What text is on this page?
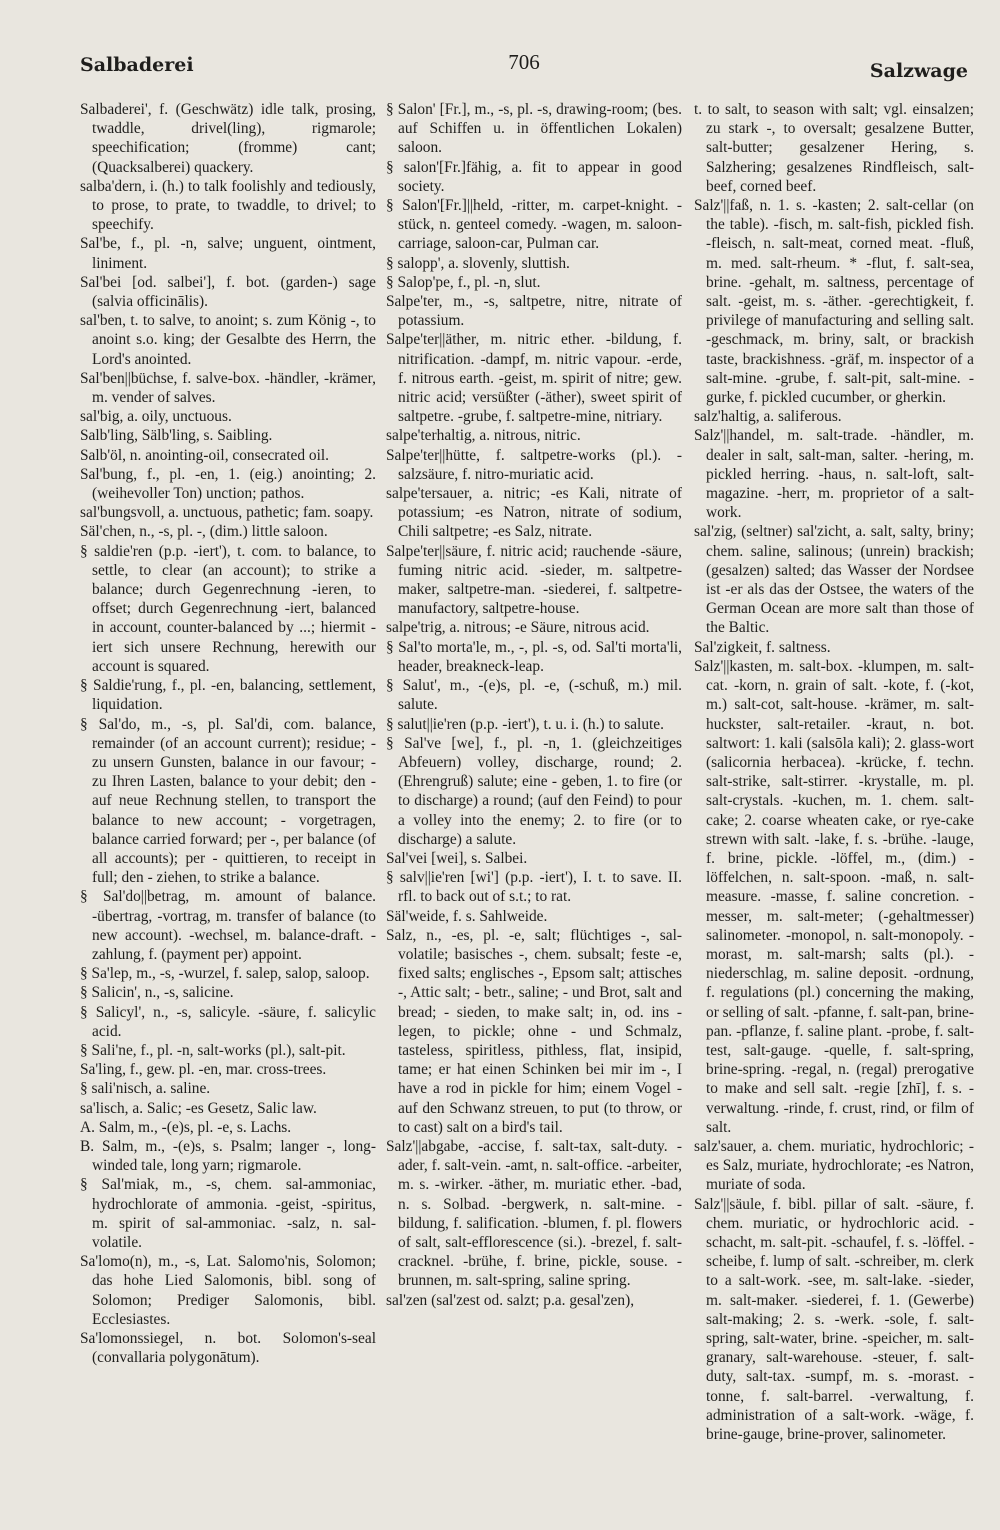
Salbaderei	706	Salzwage

Salbaderei', f. (Geschwätz) idle talk, prosing, twaddle, drivel(ling), rigmarole; speechification; (fromme) cant; (Quacksalberei) quackery.

salba'dern, i. (h.) to talk foolishly and tediously, to prose, to prate, to twaddle, to drivel; to speechify.

Sal'be, f., pl. -n, salve; unguent, ointment, liniment.

Sal'bei [od. salbei'], f. bot. (garden-) sage (salvia officinālis).

sal'ben, t. to salve, to anoint; s. zum König -, to anoint s.o. king; der Gesalbte des Herrn, the Lord's anointed.

Sal'ben||büchse, f. salve-box. -händler, -krämer, m. vender of salves.

sal'big, a. oily, unctuous.

Salb'ling, Sälb'ling, s. Saibling.

Salb'öl, n. anointing-oil, consecrated oil.

Sal'bung, f., pl. -en, 1. (eig.) anointing; 2. (weihevoller Ton) unction; pathos.

sal'bungsvoll, a. unctuous, pathetic; fam. soapy.

Säl'chen, n., -s, pl. -, (dim.) little saloon.

§ saldie'ren (p.p. -iert'), t. com. to balance, to settle, to clear (an account); to strike a balance; durch Gegenrechnung -ieren, to offset; durch Gegenrechnung -iert, balanced in account, counter-balanced by ...; hiermit -iert sich unsere Rechnung, herewith our account is squared.

§ Saldie'rung, f., pl. -en, balancing, settlement, liquidation.

§ Sal'do, m., -s, pl. Sal'di, com. balance, remainder (of an account current); residue; - zu unsern Gunsten, balance in our favour; - zu Ihren Lasten, balance to your debit; den - auf neue Rechnung stellen, to transport the balance to new account; - vorgetragen, balance carried forward; per -, per balance (of all accounts); per - quittieren, to receipt in full; den - ziehen, to strike a balance.

§ Sal'do||betrag, m. amount of balance. -übertrag, -vortrag, m. transfer of balance (to new account). -wechsel, m. balance-draft. -zahlung, f. (payment per) appoint.

§ Sa'lep, m., -s, -wurzel, f. salep, salop, saloop.

§ Salicin', n., -s, salicine.

§ Salicyl', n., -s, salicyle. -säure, f. salicylic acid.

§ Sali'ne, f., pl. -n, salt-works (pl.), salt-pit.

Sa'ling, f., gew. pl. -en, mar. cross-trees.

§ sali'nisch, a. saline.

sa'lisch, a. Salic; -es Gesetz, Salic law.

A. Salm, m., -(e)s, pl. -e, s. Lachs.

B. Salm, m., -(e)s, s. Psalm; langer -, long-winded tale, long yarn; rigmarole.

§ Sal'miak, m., -s, chem. sal-ammoniac, hydrochlorate of ammonia. -geist, -spiritus, m. spirit of sal-ammoniac. -salz, n. sal-volatile.

Sa'lomo(n), m., -s, Lat. Salomo'nis, Solomon; das hohe Lied Salomonis, bibl. song of Solomon; Prediger Salomonis, bibl. Ecclesiastes.

Sa'lomonssiegel, n. bot. Solomon's-seal (convallaria polygonātum).

§ Salon' [Fr.], m., -s, pl. -s, drawing-room; (bes. auf Schiffen u. in öffentlichen Lokalen) saloon.

§ salon'[Fr.]fähig, a. fit to appear in good society.

§ Salon'[Fr.]||held, -ritter, m. carpet-knight. -stück, n. genteel comedy. -wagen, m. saloon-carriage, saloon-car, Pulman car.

§ salopp', a. slovenly, sluttish.

§ Salop'pe, f., pl. -n, slut.

Salpe'ter, m., -s, saltpetre, nitre, nitrate of potassium.

Salpe'ter||äther, m. nitric ether. -bildung, f. nitrification. -dampf, m. nitric vapour. -erde, f. nitrous earth. -geist, m. spirit of nitre; gew. nitric acid; versüßter (-äther), sweet spirit of saltpetre. -grube, f. saltpetre-mine, nitriary.

salpe'terhaltig, a. nitrous, nitric.

Salpe'ter||hütte, f. saltpetre-works (pl.). -salzsäure, f. nitro-muriatic acid.

salpe'tersauer, a. nitric; -es Kali, nitrate of potassium; -es Natron, nitrate of sodium, Chili saltpetre; -es Salz, nitrate.

Salpe'ter||säure, f. nitric acid; rauchende -säure, fuming nitric acid. -sieder, m. saltpetre-maker, saltpetre-man. -siederei, f. saltpetre-manufactory, saltpetre-house.

salpe'trig, a. nitrous; -e Säure, nitrous acid.

§ Sal'to morta'le, m., -, pl. -s, od. Sal'ti morta'li, header, breakneck-leap.

§ Salut', m., -(e)s, pl. -e, (-schuß, m.) mil. salute.

§ salut||ie'ren (p.p. -iert'), t. u. i. (h.) to salute.

§ Sal've [we], f., pl. -n, 1. (gleichzeitiges Abfeuern) volley, discharge, round; 2. (Ehrengruß) salute; eine - geben, 1. to fire (or to discharge) a round; (auf den Feind) to pour a volley into the enemy; 2. to fire (or to discharge) a salute.

Sal'vei [wei], s. Salbei.

§ salv||ie'ren [wi'] (p.p. -iert'), I. t. to save. II. rfl. to back out of s.t.; to rat.

Säl'weide, f. s. Sahlweide.

Salz, n., -es, pl. -e, salt; flüchtiges -, sal-volatile; basisches -, chem. subsalt; feste -e, fixed salts; englisches -, Epsom salt; attisches -, Attic salt; - betr., saline; - und Brot, salt and bread; - sieden, to make salt; in, od. ins - legen, to pickle; ohne - und Schmalz, tasteless, spiritless, pithless, flat, insipid, tame; er hat einen Schinken bei mir im -, I have a rod in pickle for him; einem Vogel - auf den Schwanz streuen, to put (to throw, or to cast) salt on a bird's tail.

Salz'||abgabe, -accise, f. salt-tax, salt-duty. -ader, f. salt-vein. -amt, n. salt-office. -arbeiter, m. s. -wirker. -äther, m. muriatic ether. -bad, n. s. Solbad. -bergwerk, n. salt-mine. -bildung, f. salification. -blumen, f. pl. flowers of salt, salt-efflorescence (si.). -brezel, f. salt-cracknel. -brühe, f. brine, pickle, souse. -brunnen, m. salt-spring, saline spring.

sal'zen (sal'zest od. salzt; p.a. gesal'zen),

t. to salt, to season with salt; vgl. einsalzen; zu stark -, to oversalt; gesalzene Butter, salt-butter; gesalzener Hering, s. Salzhering; gesalzenes Rindfleisch, salt-beef, corned beef.

Salz'||faß, n. 1. s. -kasten; 2. salt-cellar (on the table). -fisch, m. salt-fish, pickled fish. -fleisch, n. salt-meat, corned meat. -fluß, m. med. salt-rheum. * -flut, f. salt-sea, brine. -gehalt, m. saltness, percentage of salt. -geist, m. s. -äther. -gerechtigkeit, f. privilege of manufacturing and selling salt. -geschmack, m. briny, salt, or brackish taste, brackishness. -gräf, m. inspector of a salt-mine. -grube, f. salt-pit, salt-mine. -gurke, f. pickled cucumber, or gherkin.

salz'haltig, a. saliferous.

Salz'||handel, m. salt-trade. -händler, m. dealer in salt, salt-man, salter. -hering, m. pickled herring. -haus, n. salt-loft, salt-magazine. -herr, m. proprietor of a salt-work.

sal'zig, (seltner) sal'zicht, a. salt, salty, briny; chem. saline, salinous; (unrein) brackish; (gesalzen) salted; das Wasser der Nordsee ist -er als das der Ostsee, the waters of the German Ocean are more salt than those of the Baltic.

Sal'zigkeit, f. saltness.

Salz'||kasten, m. salt-box. -klumpen, m. salt-cat. -korn, n. grain of salt. -kote, f. (-kot, m.) salt-cot, salt-house. -krämer, m. salt-huckster, salt-retailer. -kraut, n. bot. saltwort: 1. kali (salsōla kali); 2. glass-wort (salicornia herbacea). -krücke, f. techn. salt-strike, salt-stirrer. -krystalle, m. pl. salt-crystals. -kuchen, m. 1. chem. salt-cake; 2. coarse wheaten cake, or rye-cake strewn with salt. -lake, f. s. -brühe. -lauge, f. brine, pickle. -löffel, m., (dim.) -löffelchen, n. salt-spoon. -maß, n. salt-measure. -masse, f. saline concretion. -messer, m. salt-meter; (-gehaltmesser) salinometer. -monopol, n. salt-monopoly. -morast, m. salt-marsh; salts (pl.). -niederschlag, m. saline deposit. -ordnung, f. regulations (pl.) concerning the making, or selling of salt. -pfanne, f. salt-pan, brine-pan. -pflanze, f. saline plant. -probe, f. salt-test, salt-gauge. -quelle, f. salt-spring, brine-spring. -regal, n. (regal) prerogative to make and sell salt. -regie [zhī], f. s. -verwaltung. -rinde, f. crust, rind, or film of salt.

salz'sauer, a. chem. muriatic, hydrochloric; -es Salz, muriate, hydrochlorate; -es Natron, muriate of soda.

Salz'||säule, f. bibl. pillar of salt. -säure, f. chem. muriatic, or hydrochloric acid. -schacht, m. salt-pit. -schaufel, f. s. -löffel. -scheibe, f. lump of salt. -schreiber, m. clerk to a salt-work. -see, m. salt-lake. -sieder, m. salt-maker. -siederei, f. 1. (Gewerbe) salt-making; 2. s. -werk. -sole, f. salt-spring, salt-water, brine. -speicher, m. salt-granary, salt-warehouse. -steuer, f. salt-duty, salt-tax. -sumpf, m. s. -morast. -tonne, f. salt-barrel. -verwaltung, f. administration of a salt-work. -wäge, f. brine-gauge, brine-prover, salinometer.
